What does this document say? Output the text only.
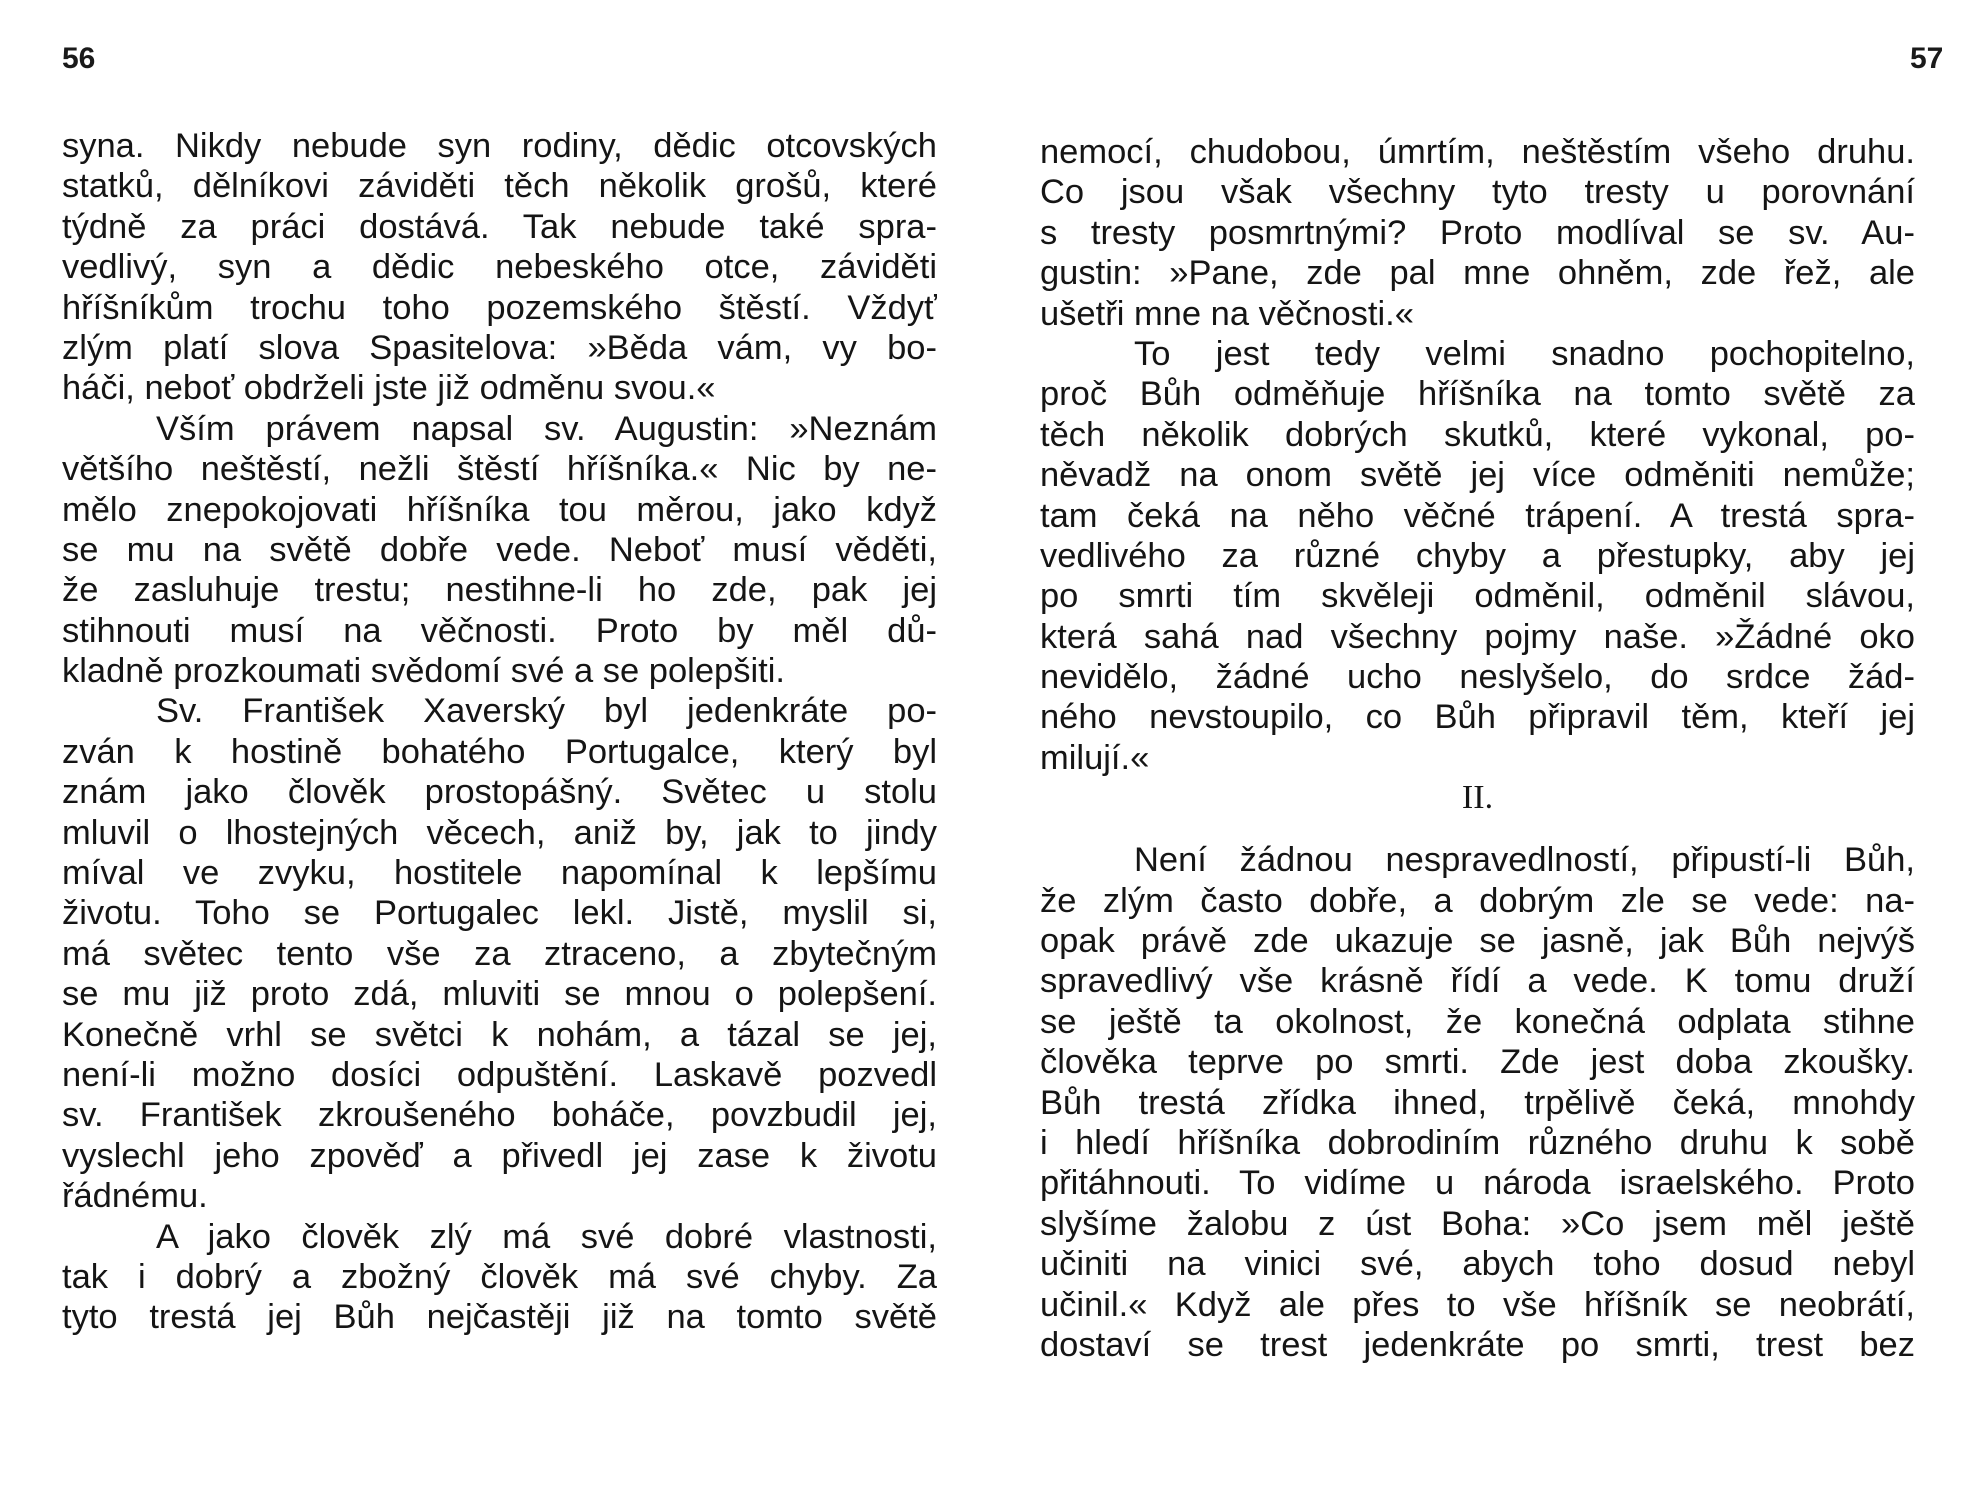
56	57
syna. Nikdy nebude syn rodiny, dědic otcovských
statků, dělníkovi záviděti těch několik grošů, které
týdně za práci dostává. Tak nebude také spra-
vedlivý, syn a dědic nebeského otce, záviděti
hříšníkům trochu toho pozemského štěstí. Vždyť
zlým platí slova Spasitelova: »Běda vám, vy bo-
háči, neboť obdrželi jste již odměnu svou.«
Vším právem napsal sv. Augustin: »Neznám
většího neštěstí, nežli štěstí hříšníka.« Nic by ne-
mělo znepokojovati hříšníka tou měrou, jako když
se mu na světě dobře vede. Neboť musí věděti,
že zasluhuje trestu; nestihne-li ho zde, pak jej
stihnouti musí na věčnosti. Proto by měl dů-
kladně prozkoumati svědomí své a se polepšiti.
Sv. František Xaverský byl jedenkráte po-
zván k hostině bohatého Portugalce, který byl
znám jako člověk prostopášný. Světec u stolu
mluvil o lhostejných věcech, aniž by, jak to jindy
míval ve zvyku, hostitele napomínal k lepšímu
životu. Toho se Portugalec lekl. Jistě, myslil si,
má světec tento vše za ztraceno, a zbytečným
se mu již proto zdá, mluviti se mnou o polepšení.
Konečně vrhl se světci k nohám, a tázal se jej,
není-li možno dosíci odpuštění. Laskavě pozvedl
sv. František zkroušeného boháče, povzbudil jej,
vyslechl jeho zpověď a přivedl jej zase k životu
řádnému.
A jako člověk zlý má své dobré vlastnosti,
tak i dobrý a zbožný člověk má své chyby. Za
tyto trestá jej Bůh nejčastěji již na tomto světě
nemocí, chudobou, úmrtím, neštěstím všeho druhu.
Co jsou však všechny tyto tresty u porovnání
s tresty posmrtnými? Proto modlíval se sv. Au-
gustin: »Pane, zde pal mne ohněm, zde řež, ale
ušetři mne na věčnosti.«
To jest tedy velmi snadno pochopitelno,
proč Bůh odměňuje hříšníka na tomto světě za
těch několik dobrých skutků, které vykonal, po-
něvadž na onom světě jej více odměniti nemůže;
tam čeká na něho věčné trápení. A trestá spra-
vedlivého za různé chyby a přestupky, aby jej
po smrti tím skvěleji odměnil, odměnil slávou,
která sahá nad všechny pojmy naše. »Žádné oko
nevidělo, žádné ucho neslyšelo, do srdce žád-
ného nevstoupilo, co Bůh připravil těm, kteří jej
milují.«
II.
Není žádnou nespravedlností, připustí-li Bůh,
že zlým často dobře, a dobrým zle se vede: na-
opak právě zde ukazuje se jasně, jak Bůh nejvýš
spravedlivý vše krásně řídí a vede. K tomu druží
se ještě ta okolnost, že konečná odplata stihne
člověka teprve po smrti. Zde jest doba zkoušky.
Bůh trestá zřídka ihned, trpělivě čeká, mnohdy
i hledí hříšníka dobrodiním různého druhu k sobě
přitáhnouti. To vidíme u národa israelského. Proto
slyšíme žalobu z úst Boha: »Co jsem měl ještě
učiniti na vinici své, abych toho dosud nebyl
učinil.« Když ale přes to vše hříšník se neobrátí,
dostaví se trest jedenkráte po smrti, trest bez
